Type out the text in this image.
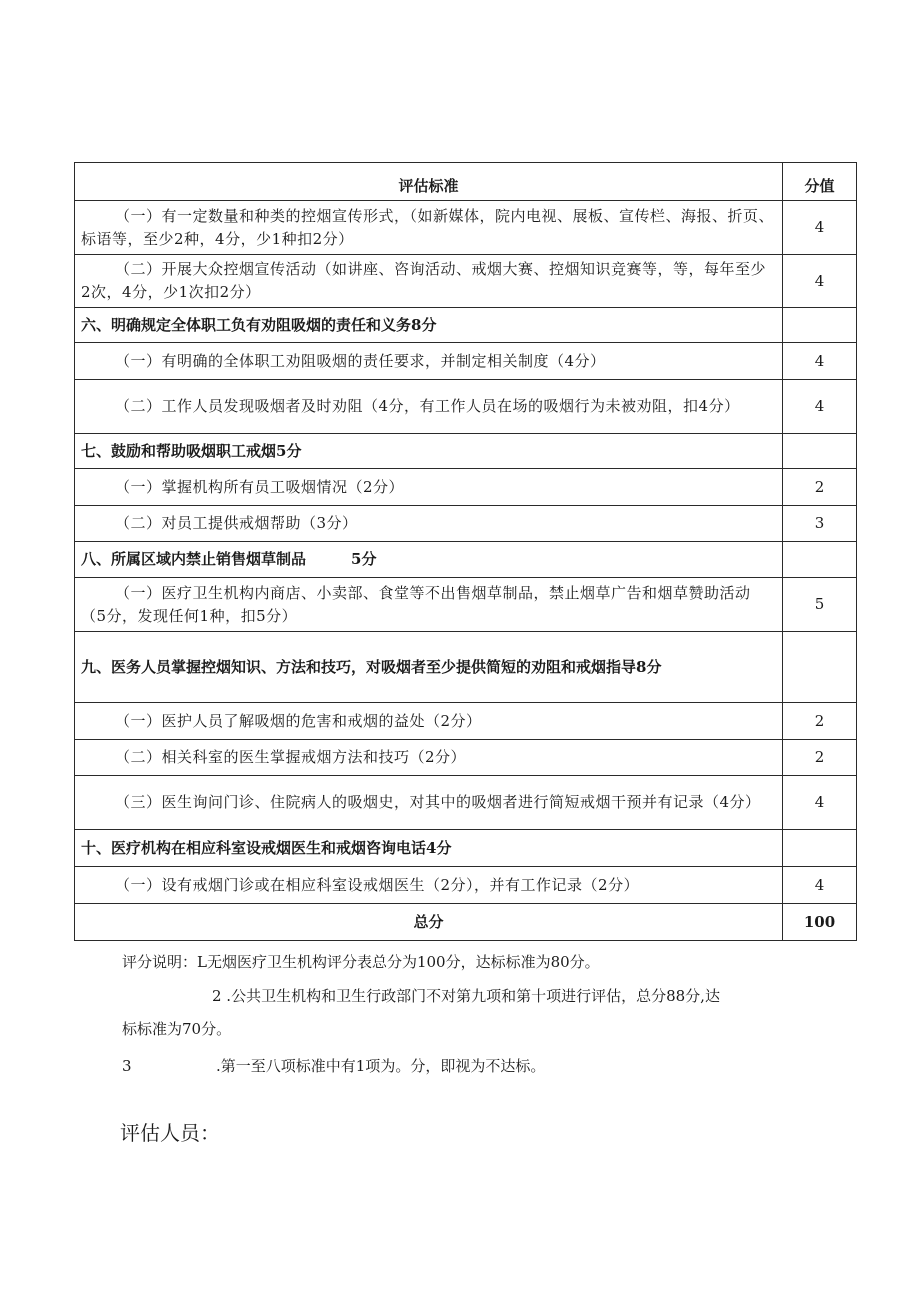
评估标准	分值
（一）有一定数量和种类的控烟宣传形式，（如新媒体，院内电视、展板、宣传栏、海报、折页、标语等，至少2种，4分，少1种扣2分）	4
（二）开展大众控烟宣传活动（如讲座、咨询活动、戒烟大赛、控烟知识竞赛等，等，每年至少2次，4分，少1次扣2分）	4
六、明确规定全体职工负有劝阻吸烟的责任和义务8分	
（一）有明确的全体职工劝阻吸烟的责任要求，并制定相关制度（4分）	4
（二）工作人员发现吸烟者及时劝阻（4分，有工作人员在场的吸烟行为未被劝阻，扣4分）	4
七、鼓励和帮助吸烟职工戒烟5分	
（一）掌握机构所有员工吸烟情况（2分）	2
（二）对员工提供戒烟帮助（3分）	3
八、所属区域内禁止销售烟草制品　　　5分	
（一）医疗卫生机构内商店、小卖部、食堂等不出售烟草制品，禁止烟草广告和烟草赞助活动（5分，发现任何1种，扣5分）	5
九、医务人员掌握控烟知识、方法和技巧，对吸烟者至少提供简短的劝阻和戒烟指导8分	
（一）医护人员了解吸烟的危害和戒烟的益处（2分）	2
（二）相关科室的医生掌握戒烟方法和技巧（2分）	2
（三）医生询问门诊、住院病人的吸烟史，对其中的吸烟者进行简短戒烟干预并有记录（4分）	4
十、医疗机构在相应科室设戒烟医生和戒烟咨询电话4分	
（一）设有戒烟门诊或在相应科室设戒烟医生（2分），并有工作记录（2分）	4
总分	100
评分说明：L无烟医疗卫生机构评分表总分为100分，达标标准为80分。
2 .公共卫生机构和卫生行政部门不对第九项和第十项进行评估，总分88分,达
标标准为70分。
3	.第一至八项标准中有1项为。分，即视为不达标。
评估人员：
